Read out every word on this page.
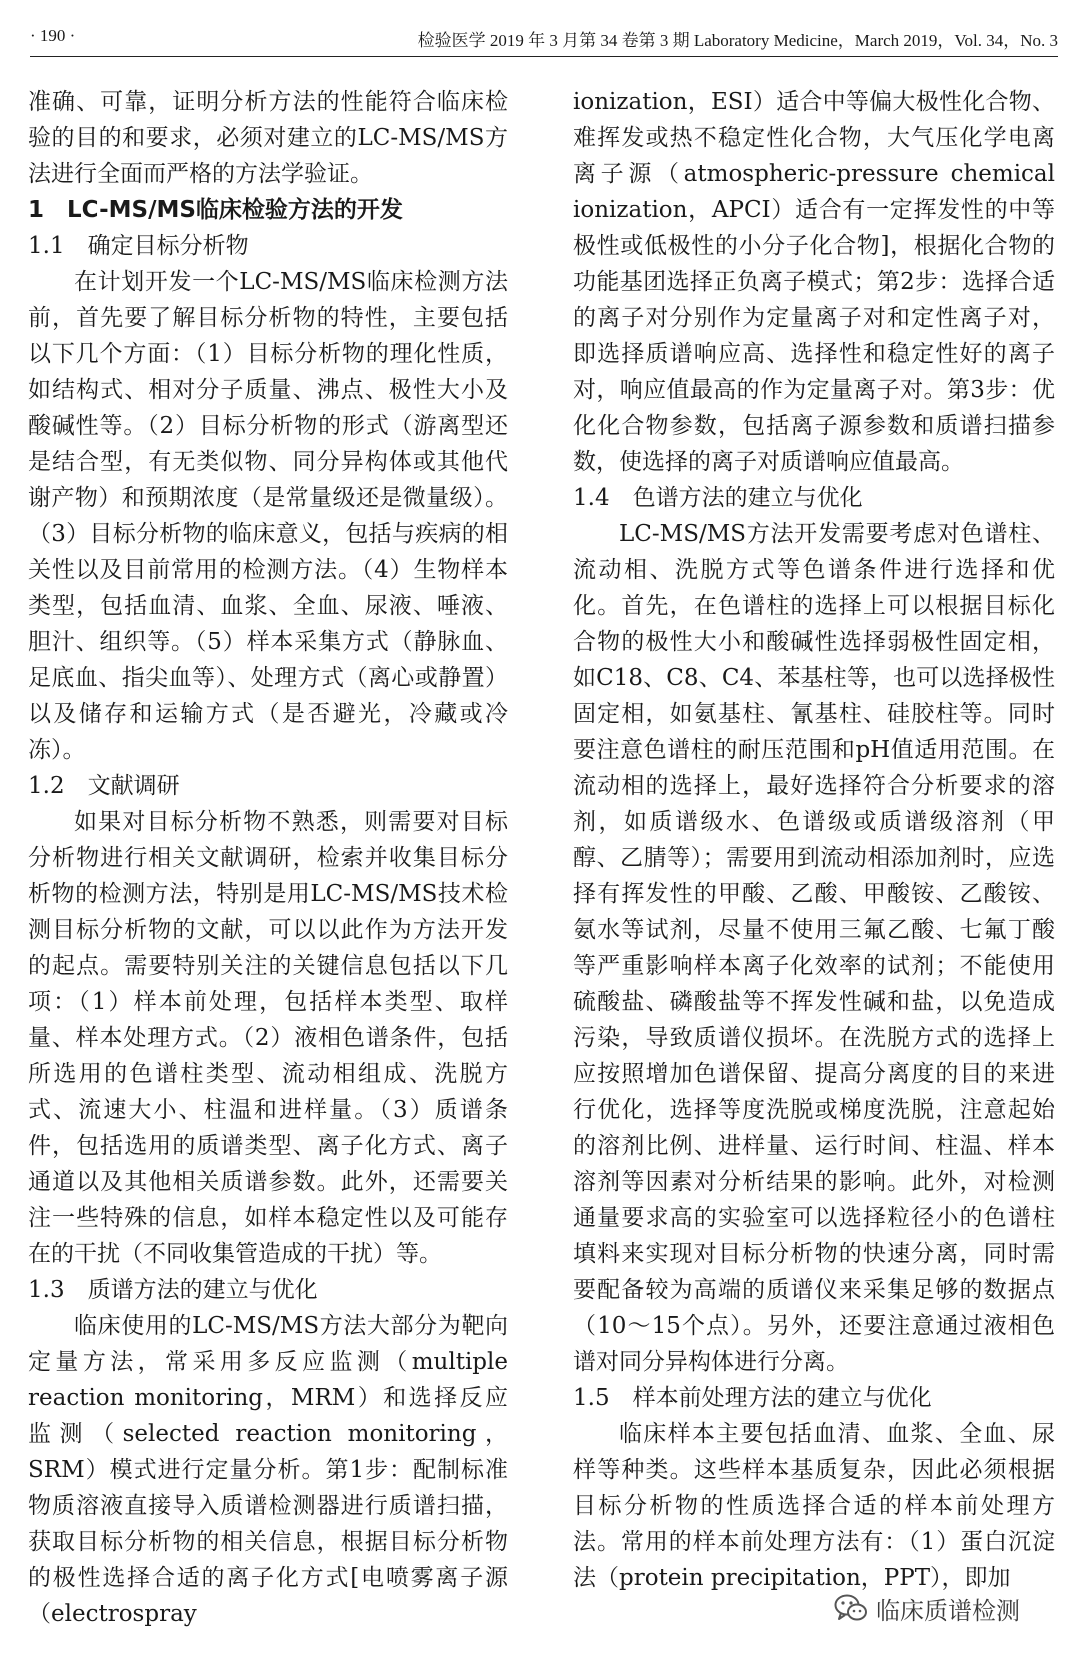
· 190 ·	检验医学 2019 年 3 月第 34 卷第 3 期 Laboratory Medicine，March 2019，Vol. 34，No. 3

准确、可靠，证明分析方法的性能符合临床检验的目的和要求，必须对建立的LC-MS/MS方法进行全面而严格的方法学验证。

1　LC-MS/MS临床检验方法的开发
1.1　确定目标分析物

在计划开发一个LC-MS/MS临床检测方法前，首先要了解目标分析物的特性，主要包括以下几个方面：（1）目标分析物的理化性质，如结构式、相对分子质量、沸点、极性大小及酸碱性等。（2）目标分析物的形式（游离型还是结合型，有无类似物、同分异构体或其他代谢产物）和预期浓度（是常量级还是微量级）。（3）目标分析物的临床意义，包括与疾病的相关性以及目前常用的检测方法。（4）生物样本类型，包括血清、血浆、全血、尿液、唾液、胆汁、组织等。（5）样本采集方式（静脉血、足底血、指尖血等）、处理方式（离心或静置）以及储存和运输方式（是否避光，冷藏或冷冻）。

1.2　文献调研

如果对目标分析物不熟悉，则需要对目标分析物进行相关文献调研，检索并收集目标分析物的检测方法，特别是用LC-MS/MS技术检测目标分析物的文献，可以以此作为方法开发的起点。需要特别关注的关键信息包括以下几项：（1）样本前处理，包括样本类型、取样量、样本处理方式。（2）液相色谱条件，包括所选用的色谱柱类型、流动相组成、洗脱方式、流速大小、柱温和进样量。（3）质谱条件，包括选用的质谱类型、离子化方式、离子通道以及其他相关质谱参数。此外，还需要关注一些特殊的信息，如样本稳定性以及可能存在的干扰（不同收集管造成的干扰）等。

1.3　质谱方法的建立与优化

临床使用的LC-MS/MS方法大部分为靶向定量方法，常采用多反应监测（multiple reaction monitoring，MRM）和选择反应监测（selected reaction monitoring，SRM）模式进行定量分析。第1步：配制标准物质溶液直接导入质谱检测器进行质谱扫描，获取目标分析物的相关信息，根据目标分析物的极性选择合适的离子化方式[电喷雾离子源（electrospray

ionization，ESI）适合中等偏大极性化合物、难挥发或热不稳定性化合物，大气压化学电离离子源（atmospheric-pressure chemical ionization，APCI）适合有一定挥发性的中等极性或低极性的小分子化合物]，根据化合物的功能基团选择正负离子模式；第2步：选择合适的离子对分别作为定量离子对和定性离子对，即选择质谱响应高、选择性和稳定性好的离子对，响应值最高的作为定量离子对。第3步：优化化合物参数，包括离子源参数和质谱扫描参数，使选择的离子对质谱响应值最高。

1.4　色谱方法的建立与优化

LC-MS/MS方法开发需要考虑对色谱柱、流动相、洗脱方式等色谱条件进行选择和优化。首先，在色谱柱的选择上可以根据目标化合物的极性大小和酸碱性选择弱极性固定相，如C18、C8、C4、苯基柱等，也可以选择极性固定相，如氨基柱、氰基柱、硅胶柱等。同时要注意色谱柱的耐压范围和pH值适用范围。在流动相的选择上，最好选择符合分析要求的溶剂，如质谱级水、色谱级或质谱级溶剂（甲醇、乙腈等）；需要用到流动相添加剂时，应选择有挥发性的甲酸、乙酸、甲酸铵、乙酸铵、氨水等试剂，尽量不使用三氟乙酸、七氟丁酸等严重影响样本离子化效率的试剂；不能使用硫酸盐、磷酸盐等不挥发性碱和盐，以免造成污染，导致质谱仪损坏。在洗脱方式的选择上应按照增加色谱保留、提高分离度的目的来进行优化，选择等度洗脱或梯度洗脱，注意起始的溶剂比例、进样量、运行时间、柱温、样本溶剂等因素对分析结果的影响。此外，对检测通量要求高的实验室可以选择粒径小的色谱柱填料来实现对目标分析物的快速分离，同时需要配备较为高端的质谱仪来采集足够的数据点（10～15个点）。另外，还要注意通过液相色谱对同分异构体进行分离。

1.5　样本前处理方法的建立与优化

临床样本主要包括血清、血浆、全血、尿样等种类。这些样本基质复杂，因此必须根据目标分析物的性质选择合适的样本前处理方法。常用的样本前处理方法有：（1）蛋白沉淀法（protein precipitation，PPT），即加

临床质谱检测
